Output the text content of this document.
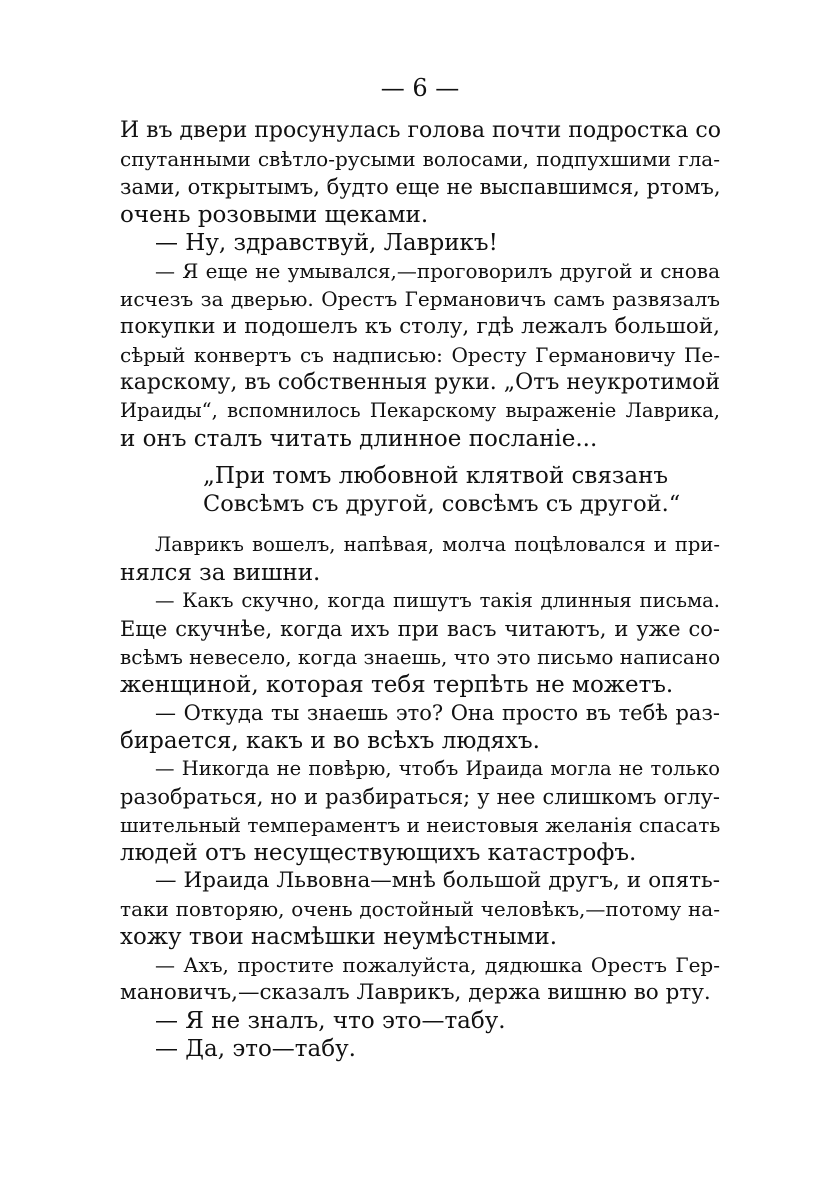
— 6 —
И въ двери просунулась голова почти подростка со
спутанными свѣтло-русыми волосами, подпухшими гла-
зами, открытымъ, будто еще не выспавшимся, ртомъ,
очень розовыми щеками.
— Ну, здравствуй, Лаврикъ!
— Я еще не умывался,—проговорилъ другой и снова
исчезъ за дверью. Орестъ Германовичъ самъ развязалъ
покупки и подошелъ къ столу, гдѣ лежалъ большой,
сѣрый конвертъ съ надписью: Оресту Германовичу Пе-
карскому, въ собственныя руки. „Отъ неукротимой
Ираиды“, вспомнилось Пекарскому выраженіе Лаврика,
и онъ сталъ читать длинное посланіе...
„При томъ любовной клятвой связанъ
Совсѣмъ съ другой, совсѣмъ съ другой.“
Лаврикъ вошелъ, напѣвая, молча поцѣловался и при-
нялся за вишни.
— Какъ скучно, когда пишутъ такія длинныя письма.
Еще скучнѣе, когда ихъ при васъ читаютъ, и уже со-
всѣмъ невесело, когда знаешь, что это письмо написано
женщиной, которая тебя терпѣть не можетъ.
— Откуда ты знаешь это? Она просто въ тебѣ раз-
бирается, какъ и во всѣхъ людяхъ.
— Никогда не повѣрю, чтобъ Ираида могла не только
разобраться, но и разбираться; у нее слишкомъ оглу-
шительный темпераментъ и неистовыя желанія спасать
людей отъ несуществующихъ катастрофъ.
— Ираида Львовна—мнѣ большой другъ, и опять-
таки повторяю, очень достойный человѣкъ,—потому на-
хожу твои насмѣшки неумѣстными.
— Ахъ, простите пожалуйста, дядюшка Орестъ Гер-
мановичъ,—сказалъ Лаврикъ, держа вишню во рту.
— Я не зналъ, что это—табу.
— Да, это—табу.
